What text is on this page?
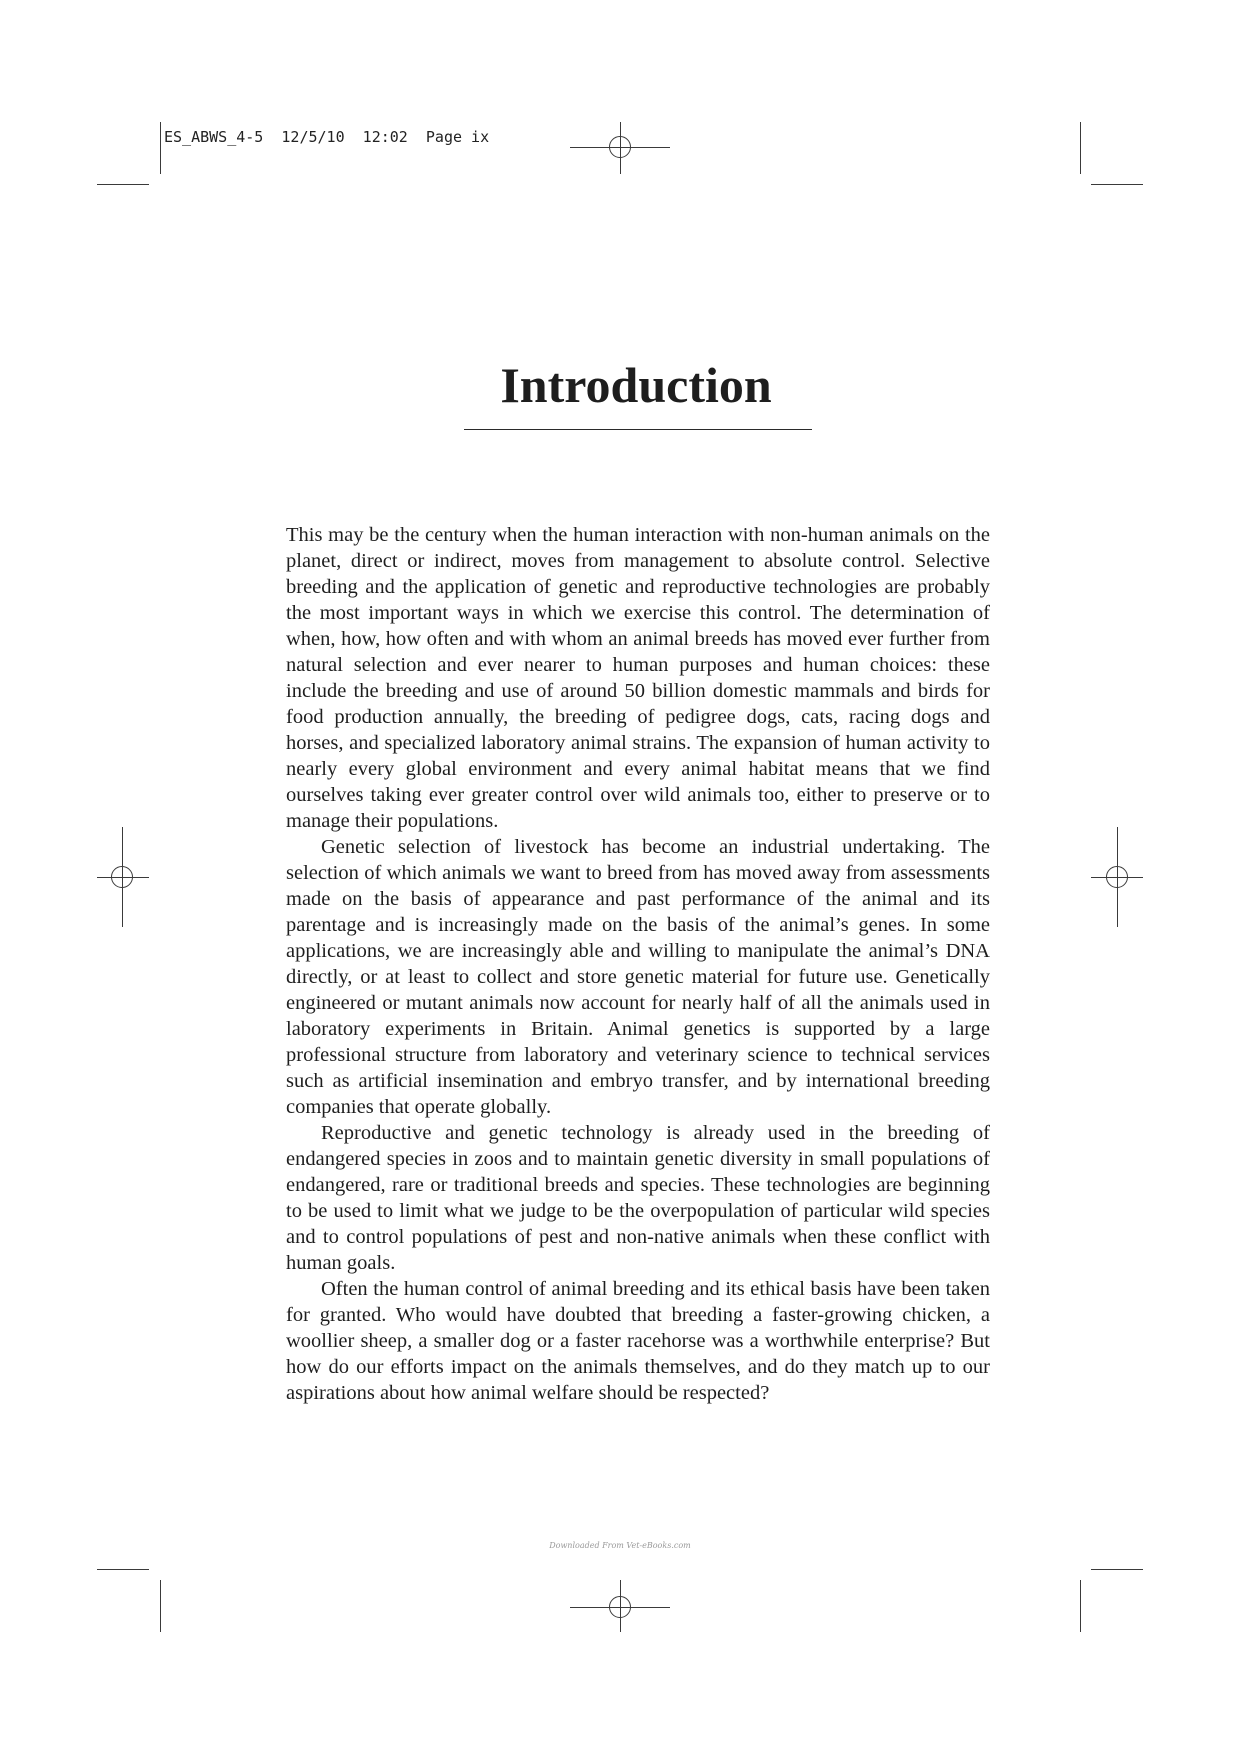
ES_ABWS_4-5  12/5/10  12:02  Page ix
Introduction

This may be the century when the human interaction with non-human animals on the planet, direct or indirect, moves from management to absolute control. Selective breeding and the application of genetic and reproductive technologies are probably the most important ways in which we exercise this control. The determination of when, how, how often and with whom an animal breeds has moved ever further from natural selection and ever nearer to human purposes and human choices: these include the breeding and use of around 50 billion domestic mammals and birds for food production annually, the breeding of pedigree dogs, cats, racing dogs and horses, and specialized laboratory animal strains. The expansion of human activity to nearly every global environment and every animal habitat means that we find ourselves taking ever greater control over wild animals too, either to preserve or to manage their populations.

Genetic selection of livestock has become an industrial undertaking. The selection of which animals we want to breed from has moved away from assessments made on the basis of appearance and past performance of the animal and its parentage and is increasingly made on the basis of the animal’s genes. In some applications, we are increasingly able and willing to manipulate the animal’s DNA directly, or at least to collect and store genetic material for future use. Genetically engineered or mutant animals now account for nearly half of all the animals used in laboratory experiments in Britain. Animal genetics is supported by a large professional structure from laboratory and veterinary science to technical services such as artificial insemination and embryo transfer, and by international breeding companies that operate globally.

Reproductive and genetic technology is already used in the breeding of endangered species in zoos and to maintain genetic diversity in small populations of endangered, rare or traditional breeds and species. These technologies are beginning to be used to limit what we judge to be the overpopulation of particular wild species and to control populations of pest and non-native animals when these conflict with human goals.

Often the human control of animal breeding and its ethical basis have been taken for granted. Who would have doubted that breeding a faster-growing chicken, a woollier sheep, a smaller dog or a faster racehorse was a worthwhile enterprise? But how do our efforts impact on the animals themselves, and do they match up to our aspirations about how animal welfare should be respected?

Downloaded From Vet-eBooks.com
